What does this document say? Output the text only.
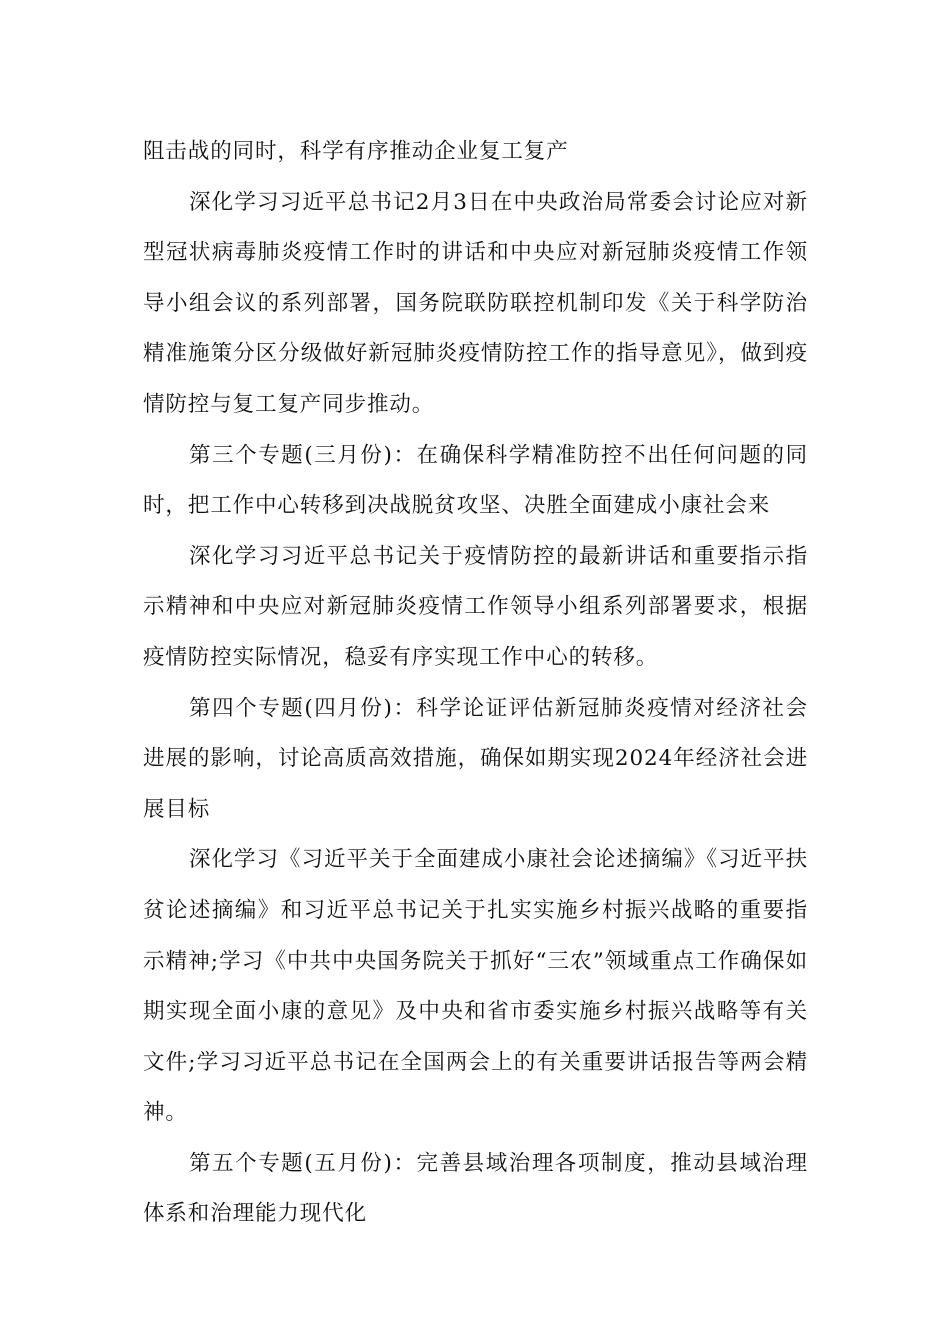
阻击战的同时，科学有序推动企业复工复产

深化学习习近平总书记2月3日在中央政治局常委会讨论应对新型冠状病毒肺炎疫情工作时的讲话和中央应对新冠肺炎疫情工作领导小组会议的系列部署，国务院联防联控机制印发《关于科学防治精准施策分区分级做好新冠肺炎疫情防控工作的指导意见》，做到疫情防控与复工复产同步推动。

第三个专题(三月份)：在确保科学精准防控不出任何问题的同时，把工作中心转移到决战脱贫攻坚、决胜全面建成小康社会来

深化学习习近平总书记关于疫情防控的最新讲话和重要指示指示精神和中央应对新冠肺炎疫情工作领导小组系列部署要求，根据疫情防控实际情况，稳妥有序实现工作中心的转移。

第四个专题(四月份)：科学论证评估新冠肺炎疫情对经济社会进展的影响，讨论高质高效措施，确保如期实现2024年经济社会进展目标

深化学习《习近平关于全面建成小康社会论述摘编》《习近平扶贫论述摘编》和习近平总书记关于扎实实施乡村振兴战略的重要指示精神;学习《中共中央国务院关于抓好“三农”领域重点工作确保如期实现全面小康的意见》及中央和省市委实施乡村振兴战略等有关文件;学习习近平总书记在全国两会上的有关重要讲话报告等两会精神。

第五个专题(五月份)：完善县域治理各项制度，推动县域治理体系和治理能力现代化
